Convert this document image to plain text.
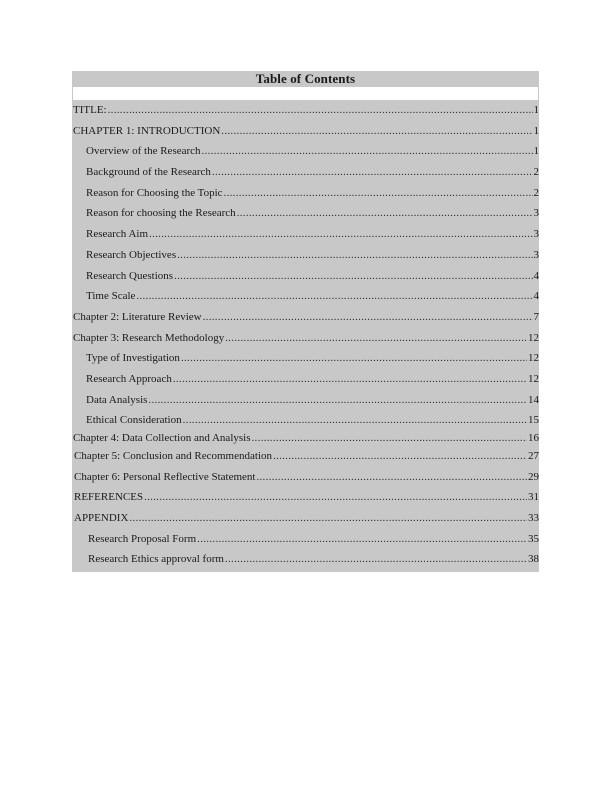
Table of Contents
TITLE: .....	1
CHAPTER 1: INTRODUCTION .....	1
Overview of the Research .....	1
Background of the Research .....	2
Reason for Choosing the Topic .....	2
Reason for choosing the Research .....	3
Research Aim .....	3
Research Objectives .....	3
Research Questions .....	4
Time Scale .....	4
Chapter 2: Literature Review .....	7
Chapter 3: Research Methodology .....	12
Type of Investigation .....	12
Research Approach .....	12
Data Analysis .....	14
Ethical Consideration .....	15
Chapter 4: Data Collection and Analysis .....	16
Chapter 5: Conclusion and Recommendation .....	27
Chapter 6: Personal Reflective Statement .....	29
REFERENCES .....	31
APPENDIX .....	33
Research Proposal Form .....	35
Research Ethics approval form .....	38
